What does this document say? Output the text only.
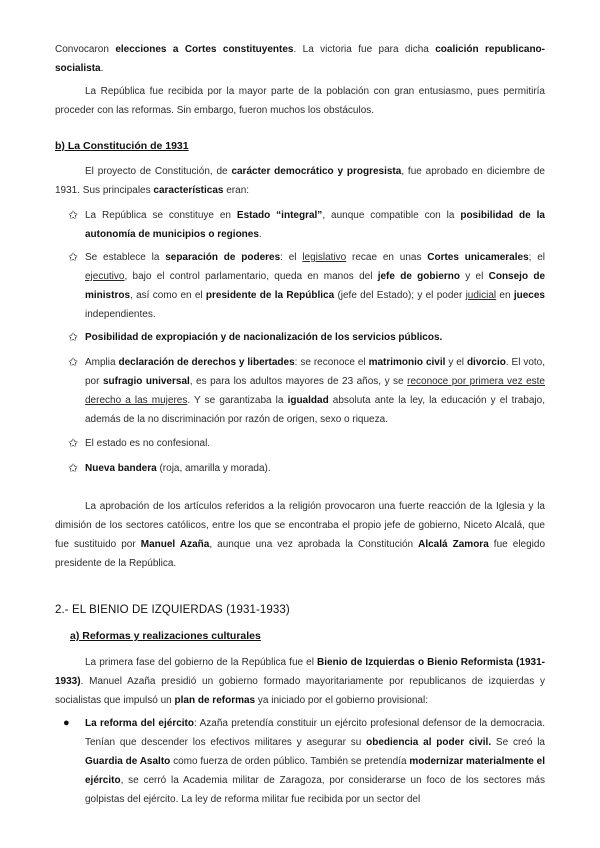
Convocaron elecciones a Cortes constituyentes. La victoria fue para dicha coalición republicano-socialista.

La República fue recibida por la mayor parte de la población con gran entusiasmo, pues permitiría proceder con las reformas. Sin embargo, fueron muchos los obstáculos.

b) La Constitución de 1931

El proyecto de Constitución, de carácter democrático y progresista, fue aprobado en diciembre de 1931. Sus principales características eran:

✩ La República se constituye en Estado “integral”, aunque compatible con la posibilidad de la autonomía de municipios o regiones.
✩ Se establece la separación de poderes: el legislativo recae en unas Cortes unicamerales; el ejecutivo, bajo el control parlamentario, queda en manos del jefe de gobierno y el Consejo de ministros, así como en el presidente de la República (jefe del Estado); y el poder judicial en jueces independientes.
✩ Posibilidad de expropiación y de nacionalización de los servicios públicos.
✩ Amplia declaración de derechos y libertades: se reconoce el matrimonio civil y el divorcio. El voto, por sufragio universal, es para los adultos mayores de 23 años, y se reconoce por primera vez este derecho a las mujeres. Y se garantizaba la igualdad absoluta ante la ley, la educación y el trabajo, además de la no discriminación por razón de origen, sexo o riqueza.
✩ El estado es no confesional.
✩ Nueva bandera (roja, amarilla y morada).

La aprobación de los artículos referidos a la religión provocaron una fuerte reacción de la Iglesia y la dimisión de los sectores católicos, entre los que se encontraba el propio jefe de gobierno, Niceto Alcalá, que fue sustituido por Manuel Azaña, aunque una vez aprobada la Constitución Alcalá Zamora fue elegido presidente de la República.

2.- EL BIENIO DE IZQUIERDAS (1931-1933)
a) Reformas y realizaciones culturales

La primera fase del gobierno de la República fue el Bienio de Izquierdas o Bienio Reformista (1931-1933). Manuel Azaña presidió un gobierno formado mayoritariamente por republicanos de izquierdas y socialistas que impulsó un plan de reformas ya iniciado por el gobierno provisional:

● La reforma del ejército: Azaña pretendía constituir un ejército profesional defensor de la democracia. Tenían que descender los efectivos militares y asegurar su obediencia al poder civil. Se creó la Guardia de Asalto como fuerza de orden público. También se pretendía modernizar materialmente el ejército, se cerró la Academia militar de Zaragoza, por considerarse un foco de los sectores más golpistas del ejército. La ley de reforma militar fue recibida por un sector del
